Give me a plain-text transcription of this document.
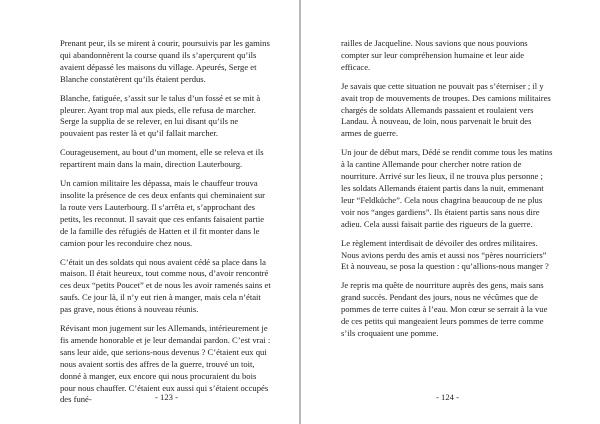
Prenant peur, ils se mirent à courir, poursuivis par les gamins qui abandonnèrent la course quand ils s’aperçurent qu’ils avaient dépassé les maisons du village. Apeurés, Serge et Blanche constatèrent qu’ils étaient perdus.

Blanche, fatiguée, s’assit sur le talus d’un fossé et se mit à pleurer. Ayant trop mal aux pieds, elle refusa de marcher. Serge la supplia de se relever, en lui disant qu’ils ne pouvaient pas rester là et qu’il fallait marcher.

Courageusement, au bout d’un moment, elle se releva et ils repartirent main dans la main, direction Lauterbourg.

Un camion militaire les dépassa, mais le chauffeur trouva insolite la présence de ces deux enfants qui cheminaient sur la route vers Lauterbourg. Il s’arrêta et, s’approchant des petits, les reconnut. Il savait que ces enfants faisaient partie de la famille des réfugiés de Hatten et il fit monter dans le camion pour les reconduire chez nous.

C’était un des soldats qui nous avaient cédé sa place dans la maison. Il était heureux, tout comme nous, d’avoir rencontré ces deux “petits Poucet” et de nous les avoir ramenés sains et saufs. Ce jour là, il n’y eut rien à manger, mais cela n’était pas grave, nous étions à nouveau réunis.

Révisant mon jugement sur les Allemands, intérieurement je fis amende honorable et je leur demandai pardon. C’est vrai : sans leur aide, que serions-nous devenus ? C’étaient eux qui nous avaient sortis des affres de la guerre, trouvé un toit, donné à manger, eux encore qui nous procuraient du bois pour nous chauffer. C’étaient eux aussi qui s’étaient occupés des funé-	- 123 -

railles de Jacqueline. Nous savions que nous pouvions compter sur leur compréhension humaine et leur aide efficace.

Je savais que cette situation ne pouvait pas s’éterniser ; il y avait trop de mouvements de troupes. Des camions militaires chargés de soldats Allemands passaient et roulaient vers Landau. À nouveau, de loin, nous parvenait le bruit des armes de guerre.

Un jour de début mars, Dédé se rendit comme tous les matins à la cantine Allemande pour chercher notre ration de nourriture. Arrivé sur les lieux, il ne trouva plus personne ; les soldats Allemands étaient partis dans la nuit, emmenant leur “Feldküche”. Cela nous chagrina beaucoup de ne plus voir nos “anges gardiens”. Ils étaient partis sans nous dire adieu. Cela aussi faisait partie des rigueurs de la guerre.

Le règlement interdisait de dévoiler des ordres militaires. Nous avions perdu des amis et aussi nos “pères nourriciers” Et à nouveau, se posa la question : qu’allions-nous manger ?

Je repris ma quête de nourriture auprès des gens, mais sans grand succès. Pendant des jours, nous ne vécûmes que de pommes de terre cuites à l’eau. Mon cœur se serrait à la vue de ces petits qui mangeaient leurs pommes de terre comme s’ils croquaient une pomme.

- 124 -
